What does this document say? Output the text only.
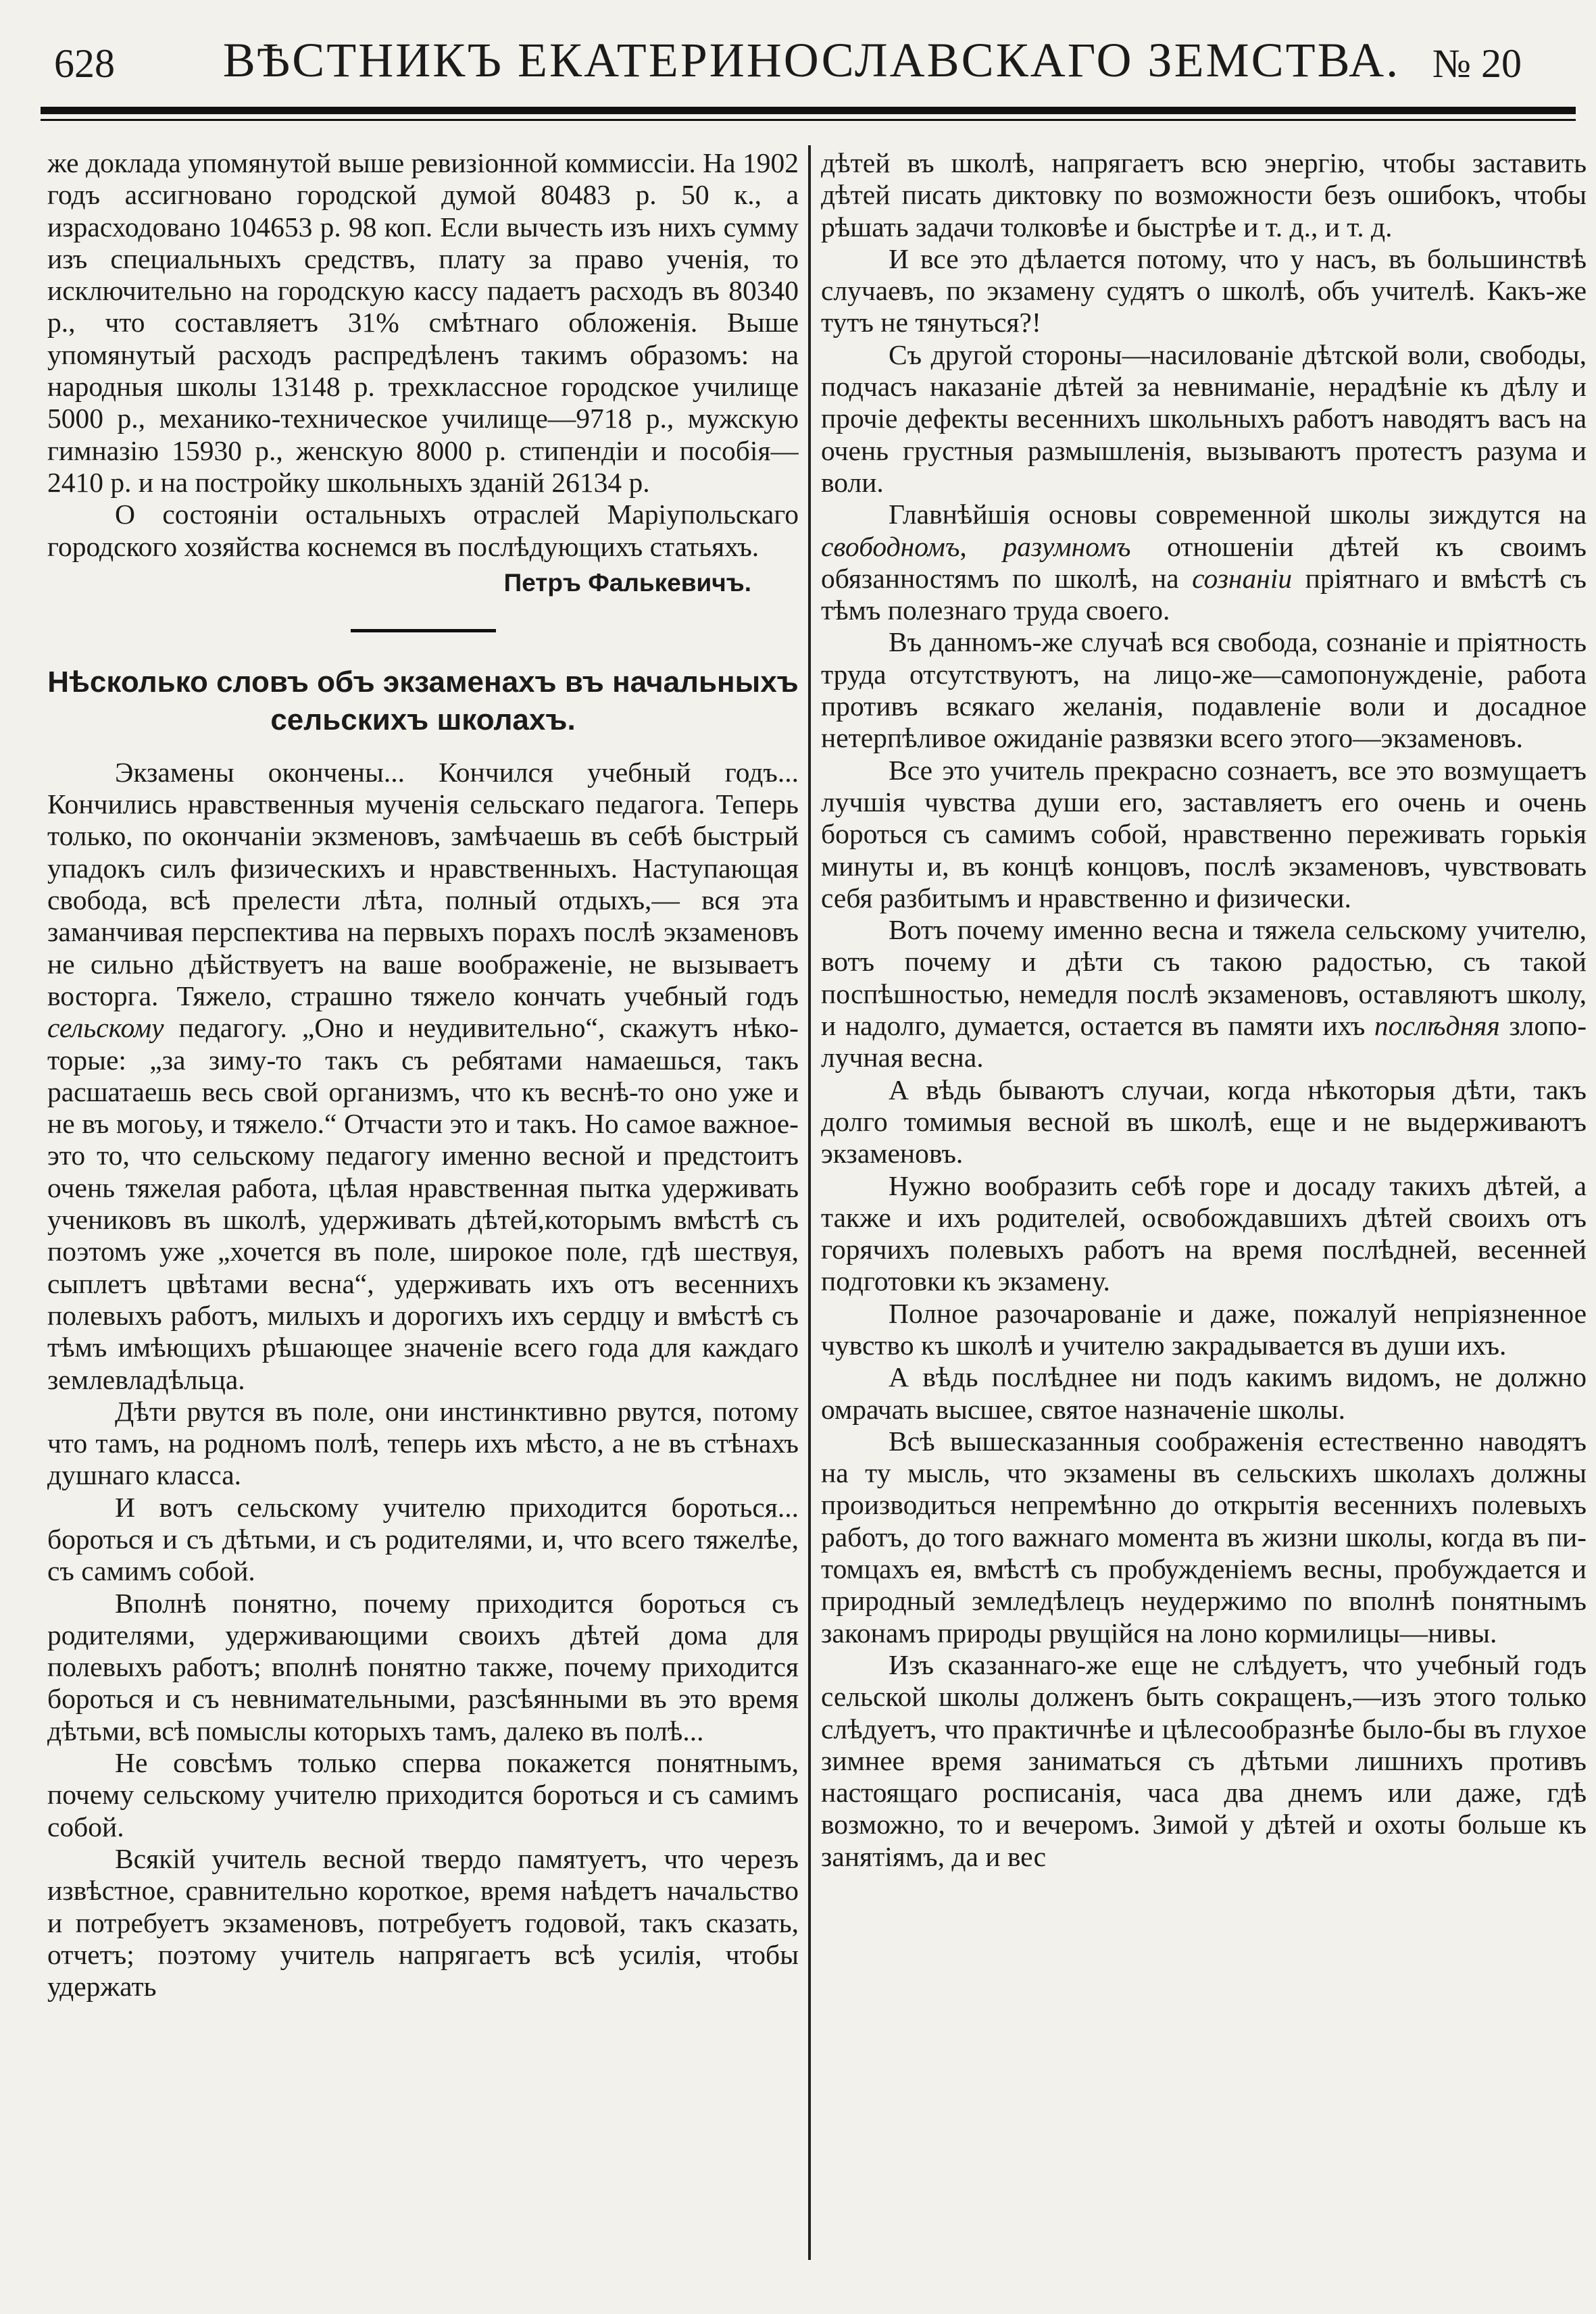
628	ВѢСТНИКЪ ЕКАТЕРИНОСЛАВСКАГО ЗЕМСТВА. № 20

же доклада упомянутой выше ревизіонной коммиссіи. На 1902 годъ ассигновано городской думой 80483 р. 50 к., а израсходовано 104653 р. 98 коп. Если вычесть изъ нихъ сумму изъ специальныхъ средствъ, плату за право ученія, то исключительно на городскую кассу падаетъ расходъ въ 80340 р., что составляетъ 31% смѣтнаго обложенія. Выше упомянутый расходъ распредѣленъ такимъ образомъ: на народныя школы 13148 р. трехклассное городское училище 5000 р., механико-техническое училище—9718 р., мужскую гимназію 15930 р., женскую 8000 р. стипендіи и пособія—2410 р. и на постройку школьныхъ зданій 26134 р.

О состояніи остальныхъ отраслей Маріупольскаго городского хозяйства коснемся въ послѣдующихъ статьяхъ.

Петръ Фалькевичъ.

Нѣсколько словъ объ экзаменахъ въ начальныхъ
сельскихъ школахъ.

Экзамены окончены... Кончился учебный годъ... Кончились нравственныя мученія сельскаго педагога. Теперь только, по окончаніи экзменовъ, замѣчаешь въ себѣ быстрый упадокъ силъ физическихъ и нравственныхъ. Наступающая свобода, всѣ прелести лѣта, полный отдыхъ,— вся эта заманчивая перспектива на первыхъ порахъ послѣ экзаменовъ не сильно дѣйствуетъ на ваше воображеніе, не вызываетъ восторга. Тяжело, страшно тяжело кончать учебный годъ сельскому педагогу. „Оно и неудивительно“, скажутъ нѣкоторые: „за зиму-то такъ съ ребятами намаешься, такъ расшатаешь весь свой организмъ, что къ веснѣ-то оно уже и не въ могоьу, и тяжело.“ Отчасти это и такъ. Но самое важное-это то, что сельскому педагогу именно весной и предстоитъ очень тяжелая работа, цѣлая нравственная пытка удерживать учениковъ въ школѣ, удерживать дѣтей,которымъ вмѣстѣ съ поэтомъ уже „хочется въ поле, широкое поле, гдѣ шествуя, сыплетъ цвѣтами весна“, удерживать ихъ отъ весеннихъ полевыхъ работъ, милыхъ и дорогихъ ихъ сердцу и вмѣстѣ съ тѣмъ имѣющихъ рѣшающее значеніе всего года для каждаго землевладѣльца.

Дѣти рвутся въ поле, они инстинктивно рвутся, потому что тамъ, на родномъ полѣ, теперь ихъ мѣсто, а не въ стѣнахъ душнаго класса.

И вотъ сельскому учителю приходится бороться... бороться и съ дѣтьми, и съ родителями, и, что всего тяжелѣе, съ самимъ собой.

Вполнѣ понятно, почему приходится бороться съ родителями, удерживающими своихъ дѣтей дома для полевыхъ работъ; вполнѣ понятно также, почему приходится бороться и съ невнимательными, разсѣянными въ это время дѣтьми, всѣ помыслы которыхъ тамъ, далеко въ полѣ...

Не совсѣмъ только сперва покажется понятнымъ, почему сельскому учителю приходится бороться и съ самимъ собой.

Всякій учитель весной твердо памятуетъ, что черезъ извѣстное, сравнительно короткое, время наѣдетъ начальство и потребуетъ экзаменовъ, потребуетъ годовой, такъ сказать, отчетъ; поэтому учитель напрягаетъ всѣ усилія, чтобы удержать

дѣтей въ школѣ, напрягаетъ всю энергію, чтобы заставить дѣтей писать диктовку по возможности безъ ошибокъ, чтобы рѣшать задачи толковѣе и быстрѣе и т. д., и т. д.

И все это дѣлается потому, что у насъ, въ большинствѣ случаевъ, по экзамену судятъ о школѣ, объ учителѣ. Какъ-же тутъ не тянуться?!

Съ другой стороны—насилованіе дѣтской воли, свободы, подчасъ наказаніе дѣтей за невниманіе, нерадѣніе къ дѣлу и прочіе дефекты весеннихъ школьныхъ работъ наводятъ васъ на очень грустныя размышленія, вызываютъ протестъ разума и воли.

Главнѣйшія основы современной школы зиждутся на свободномъ, разумномъ отношеніи дѣтей къ своимъ обязанностямъ по школѣ, на сознаніи пріятнаго и вмѣстѣ съ тѣмъ полезнаго труда своего.

Въ данномъ-же случаѣ вся свобода, сознаніе и пріятность труда отсутствуютъ, на лицо-же—самопонужденіе, работа противъ всякаго желанія, подавленіе воли и досадное нетерпѣливое ожиданіе развязки всего этого—экзаменовъ.

Все это учитель прекрасно сознаетъ, все это возмущаетъ лучшія чувства души его, заставляетъ его очень и очень бороться съ самимъ собой, нравственно переживать горькія минуты и, въ концѣ концовъ, послѣ экзаменовъ, чувствовать себя разбитымъ и нравственно и физически.

Вотъ почему именно весна и тяжела сельскому учителю, вотъ почему и дѣти съ такою радостью, съ такой поспѣшностью, немедля послѣ экзаменовъ, оставляютъ школу, и надолго, думается, остается въ памяти ихъ послѣдняя злополучная весна.

А вѣдь бываютъ случаи, когда нѣкоторыя дѣти, такъ долго томимыя весной въ школѣ, еще и не выдерживаютъ экзаменовъ.

Нужно вообразить себѣ горе и досаду такихъ дѣтей, а также и ихъ родителей, освобождавшихъ дѣтей своихъ отъ горячихъ полевыхъ работъ на время послѣдней, весенней подготовки къ экзамену.

Полное разочарованіе и даже, пожалуй непріязненное чувство къ школѣ и учителю закрадывается въ души ихъ.

А вѣдь послѣднее ни подъ какимъ видомъ, не должно омрачать высшее, святое назначеніе школы.

Всѣ вышесказанныя соображенія естественно наводятъ на ту мысль, что экзамены въ сельскихъ школахъ должны производиться непремѣнно до открытія весеннихъ полевыхъ работъ, до того важнаго момента въ жизни школы, когда въ питомцахъ ея, вмѣстѣ съ пробужденіемъ весны, пробуждается и природный земледѣлецъ неудержимо по вполнѣ понятнымъ законамъ природы рвущійся на лоно кормилицы—нивы.

Изъ сказаннаго-же еще не слѣдуетъ, что учебный годъ сельской школы долженъ быть сокращенъ,—изъ этого только слѣдуетъ, что практичнѣе и цѣлесообразнѣе было-бы въ глухое зимнее время заниматься съ дѣтьми лишнихъ противъ настоящаго росписанія, часа два днемъ или даже, гдѣ возможно, то и вечеромъ. Зимой у дѣтей и охоты больше къ занятіямъ, да и вес
